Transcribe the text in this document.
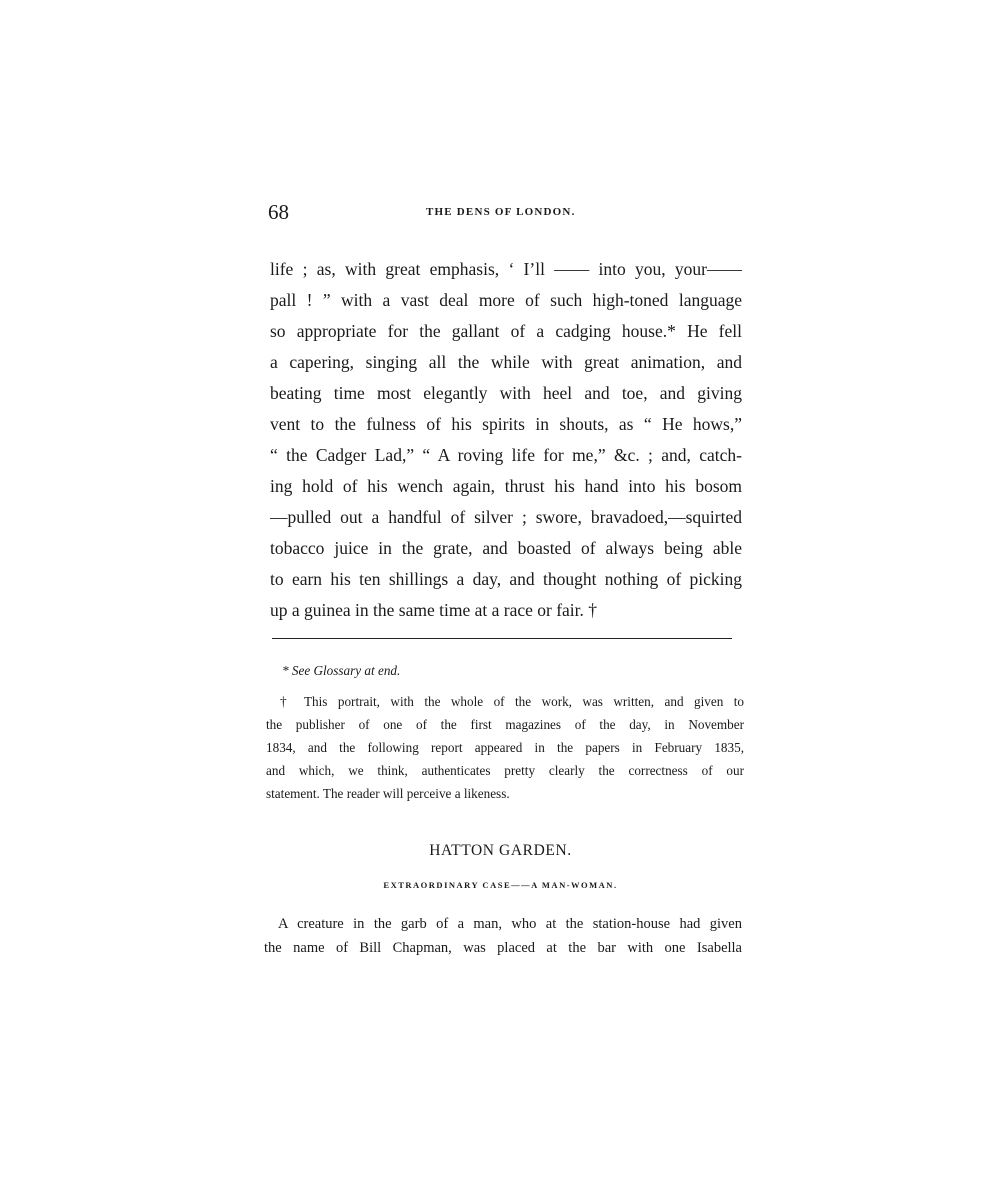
68	THE DENS OF LONDON.
life ; as, with great emphasis, ‘ I’ll —— into you, your——
pall ! ” with a vast deal more of such high-toned language
so appropriate for the gallant of a cadging house.* He fell
a capering, singing all the while with great animation, and
beating time most elegantly with heel and toe, and giving
vent to the fulness of his spirits in shouts, as “ He hows,”
“ the Cadger Lad,” “ A roving life for me,” &c. ; and, catch-
ing hold of his wench again, thrust his hand into his bosom
—pulled out a handful of silver ; swore, bravadoed,—squirted
tobacco juice in the grate, and boasted of always being able
to earn his ten shillings a day, and thought nothing of picking
up a guinea in the same time at a race or fair. †
* See Glossary at end.
† This portrait, with the whole of the work, was written, and given to
the publisher of one of the first magazines of the day, in November
1834, and the following report appeared in the papers in February 1835,
and which, we think, authenticates pretty clearly the correctness of our
statement. The reader will perceive a likeness.
HATTON GARDEN.
EXTRAORDINARY CASE——A MAN-WOMAN.
A creature in the garb of a man, who at the station-house had given
the name of Bill Chapman, was placed at the bar with one Isabella
